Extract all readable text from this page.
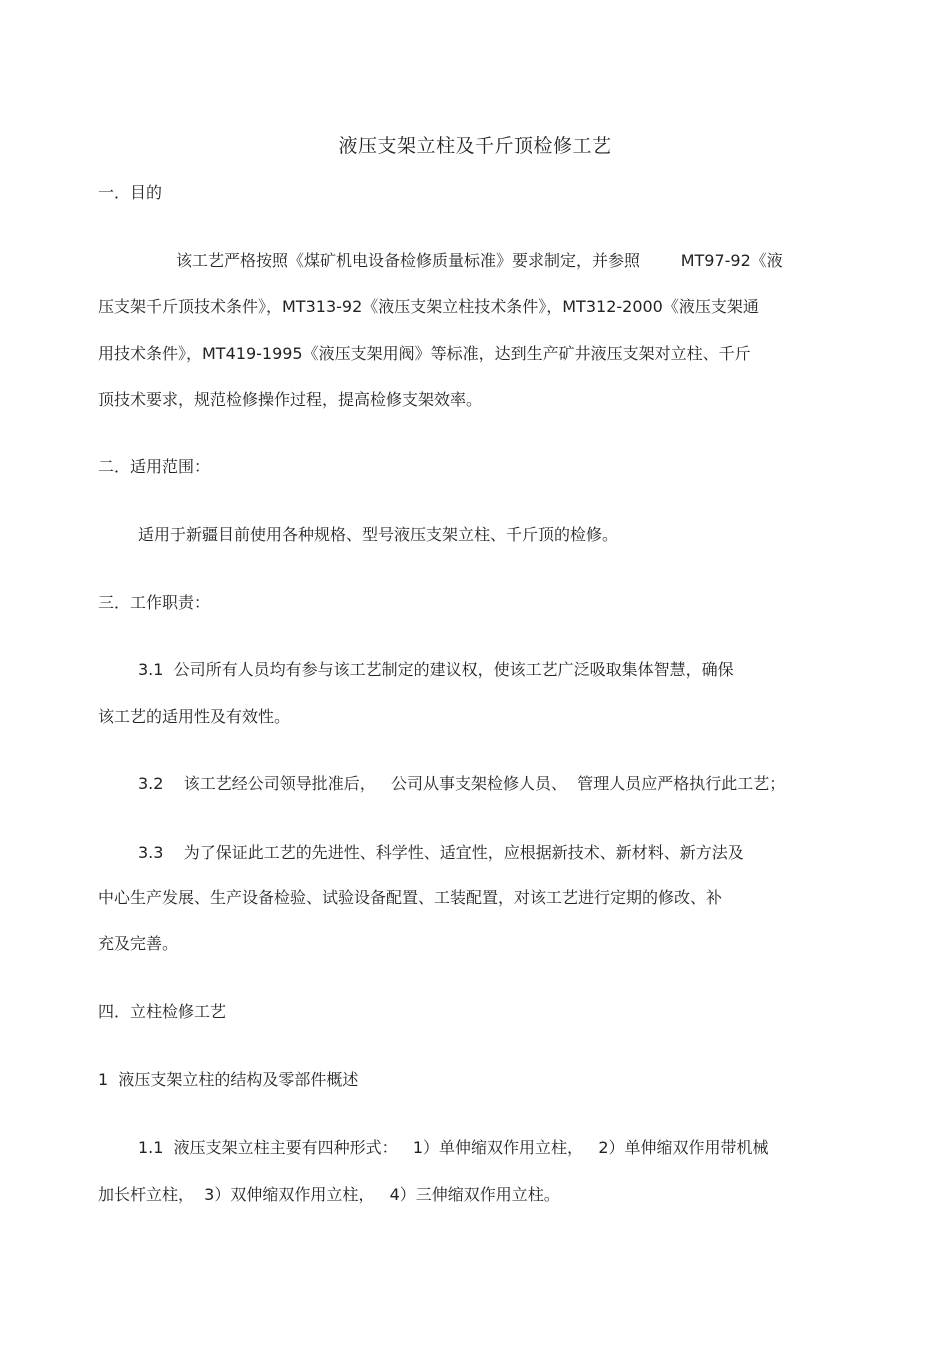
液压支架立柱及千斤顶检修工艺
一．目的
该工艺严格按照《煤矿机电设备检修质量标准》要求制定，并参照        MT97-92《液
压支架千斤顶技术条件》，MT313-92《液压支架立柱技术条件》，MT312-2000《液压支架通
用技术条件》，MT419-1995《液压支架用阀》等标准，达到生产矿井液压支架对立柱、千斤
顶技术要求，规范检修操作过程，提高检修支架效率。
二．适用范围：
适用于新疆目前使用各种规格、型号液压支架立柱、千斤顶的检修。
三．工作职责：
3.1  公司所有人员均有参与该工艺制定的建议权，使该工艺广泛吸取集体智慧，确保
该工艺的适用性及有效性。
3.2    该工艺经公司领导批准后，   公司从事支架检修人员、  管理人员应严格执行此工艺；
3.3    为了保证此工艺的先进性、科学性、适宜性，应根据新技术、新材料、新方法及
中心生产发展、生产设备检验、试验设备配置、工装配置，对该工艺进行定期的修改、补
充及完善。
四．立柱检修工艺
1  液压支架立柱的结构及零部件概述
1.1  液压支架立柱主要有四种形式：   1）单伸缩双作用立柱，   2）单伸缩双作用带机械
加长杆立柱，  3）双伸缩双作用立柱，   4）三伸缩双作用立柱。
